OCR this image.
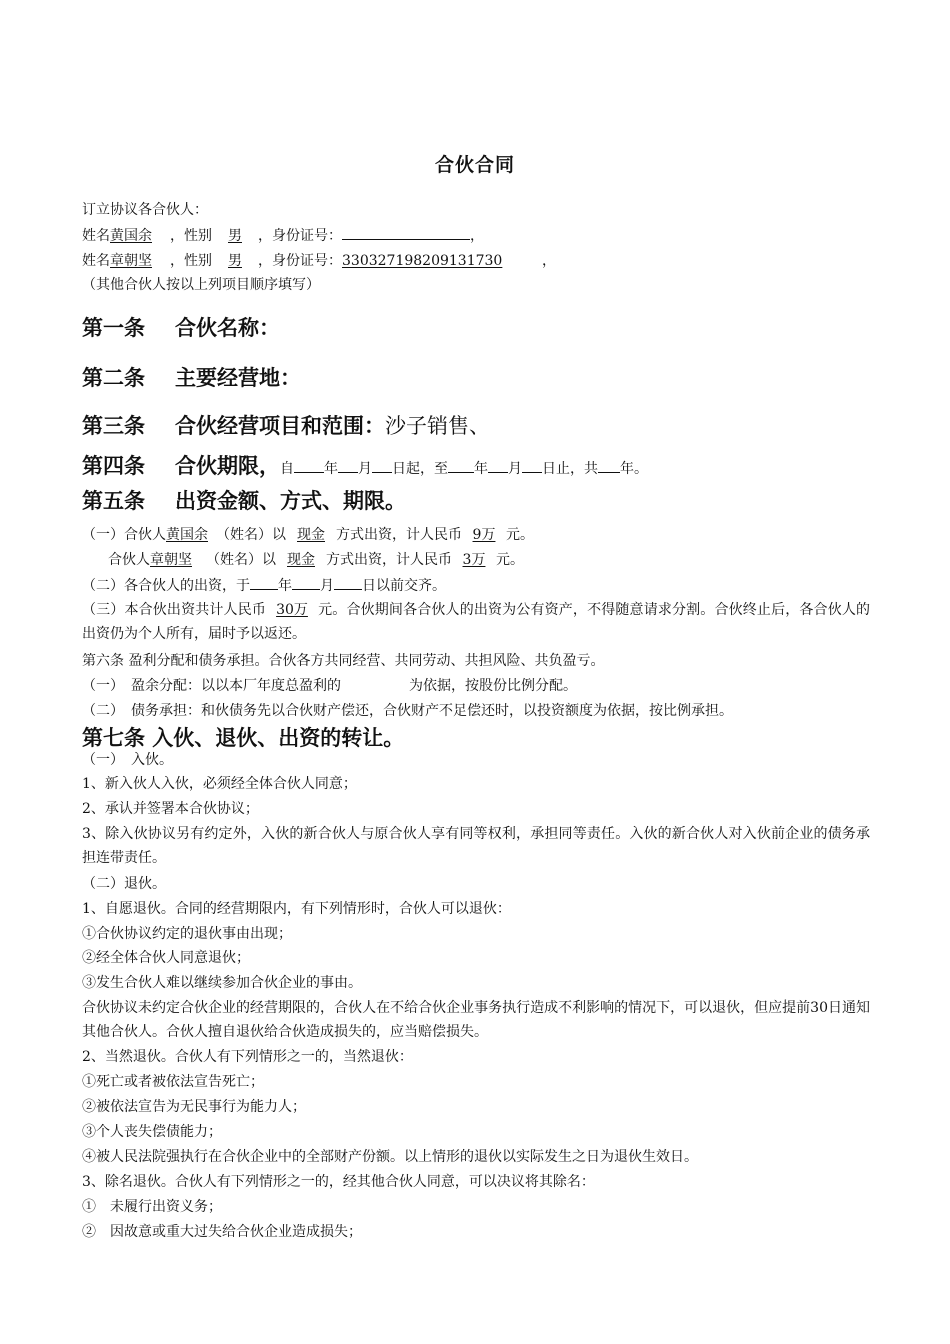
合伙合同
订立协议各合伙人：
姓名黄国余 ，性别 男 ，身份证号：	，
姓名章朝坚 ，性别 男 ，身份证号：330327198209131730	，
（其他合伙人按以上列项目顺序填写）
第一条 合伙名称：
第二条 主要经营地：
第三条 合伙经营项目和范围：沙子销售、
第四条 合伙期限，自 年 月 日起，至 年 月 日止，共 年。
第五条 出资金额、方式、期限。
（一）合伙人黄国余 （姓名）以 现金 方式出资，计人民币 9万 元。
合伙人章朝坚 （姓名）以 现金 方式出资，计人民币 3万 元。
（二）各合伙人的出资，于 年 月 日以前交齐。
（三）本合伙出资共计人民币 30万 元。合伙期间各合伙人的出资为公有资产，不得随意请求分割。合伙终止后，各合伙人的出资仍为个人所有，届时予以返还。
第六条 盈利分配和债务承担。合伙各方共同经营、共同劳动、共担风险、共负盈亏。
（一）　盈余分配：以以本厂年度总盈利的	为依据，按股份比例分配。
（二）　债务承担：和伙债务先以合伙财产偿还，合伙财产不足偿还时，以投资额度为依据，按比例承担。
第七条 入伙、退伙、出资的转让。
（一）　入伙。
1、新入伙人入伙，必须经全体合伙人同意；
2、承认并签署本合伙协议；
3、除入伙协议另有约定外，入伙的新合伙人与原合伙人享有同等权利，承担同等责任。入伙的新合伙人对入伙前企业的债务承担连带责任。
（二）退伙。
1、自愿退伙。合同的经营期限内，有下列情形时，合伙人可以退伙：
①合伙协议约定的退伙事由出现；
②经全体合伙人同意退伙；
③发生合伙人难以继续参加合伙企业的事由。
合伙协议未约定合伙企业的经营期限的，合伙人在不给合伙企业事务执行造成不利影响的情况下，可以退伙，但应提前30日通知其他合伙人。合伙人擅自退伙给合伙造成损失的，应当赔偿损失。
2、当然退伙。合伙人有下列情形之一的，当然退伙：
①死亡或者被依法宣告死亡；
②被依法宣告为无民事行为能力人；
③个人丧失偿债能力；
④被人民法院强执行在合伙企业中的全部财产份额。以上情形的退伙以实际发生之日为退伙生效日。
3、除名退伙。合伙人有下列情形之一的，经其他合伙人同意，可以决议将其除名：
①　未履行出资义务；
②　因故意或重大过失给合伙企业造成损失；
